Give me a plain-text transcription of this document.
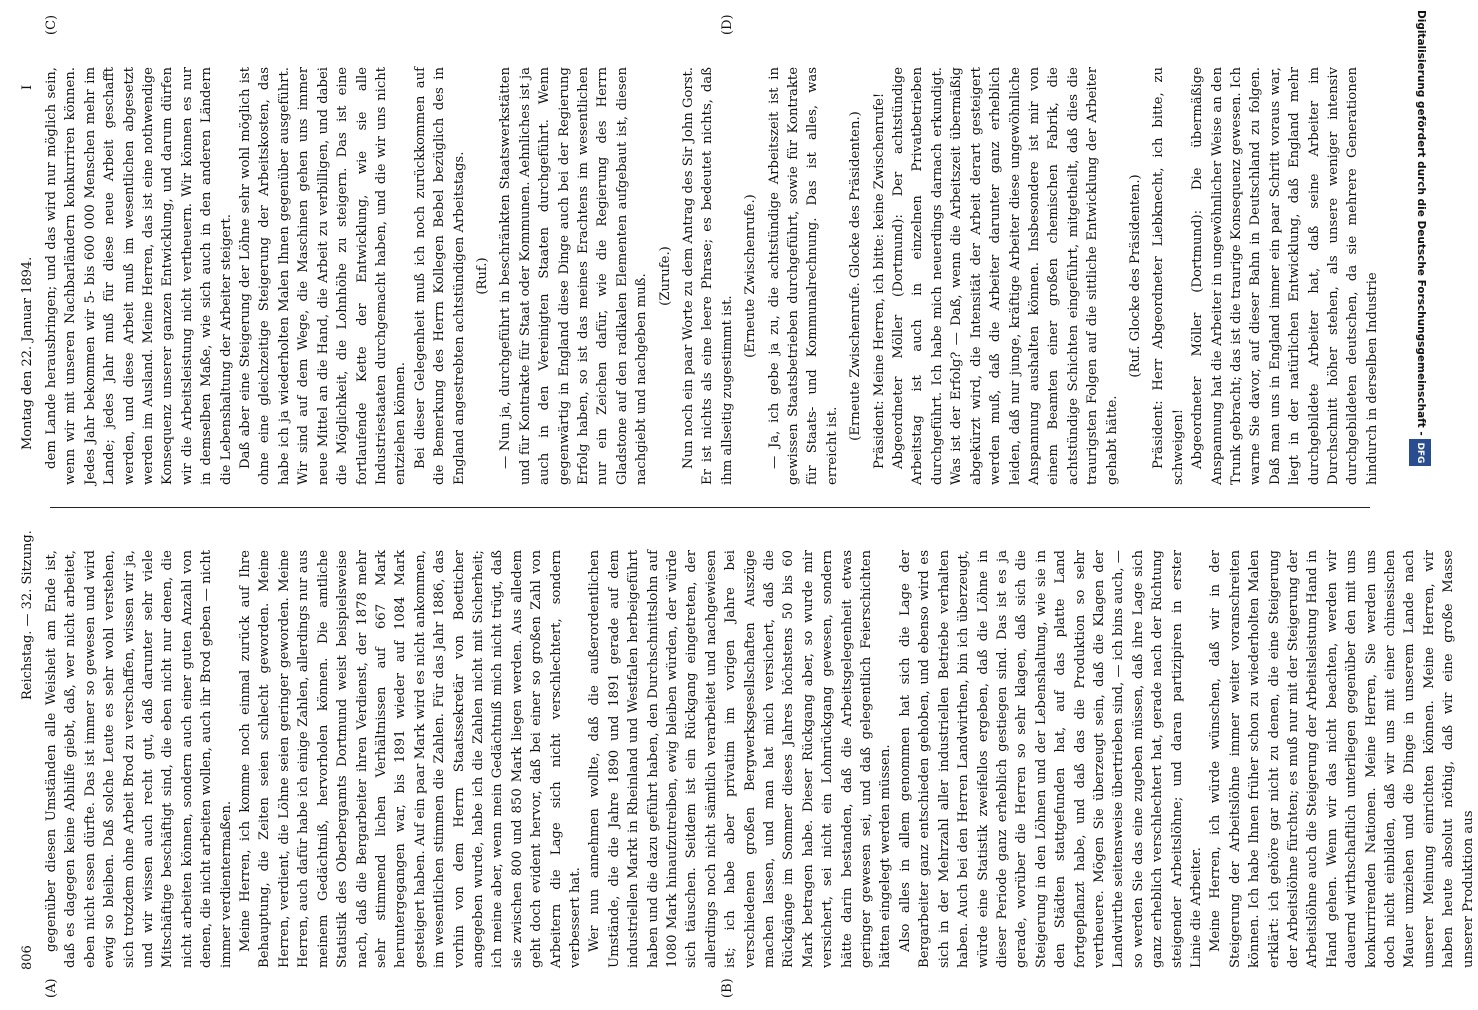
806
Reichstag. — 32. Sitzung.
Montag den 22. Januar 1894.
I
(A)	(B)
(C)	(D)

gegenüber diesen Umständen alle Weisheit am Ende ist, daß es dagegen keine Abhilfe giebt, daß, wer nicht arbeitet, eben nicht essen dürfte. Das ist immer so gewesen und wird ewig so bleiben. Daß solche Leute es sehr wohl verstehen, sich trotzdem ohne Arbeit Brod zu verschaffen, wissen wir ja, und wir wissen auch recht gut, daß darunter sehr viele Mitschäftige beschäftigt sind, die eben nicht nur denen, die nicht arbeiten können, sondern auch einer guten Anzahl von denen, die nicht arbeiten wollen, auch ihr Brod geben — nicht immer verdientermaßen. Meine Herren, ich komme noch einmal zurück auf Ihre Behauptung, die Zeiten seien schlecht geworden. Meine Herren, verdient, die Löhne seien geringer geworden. Meine Herren, auch dafür habe ich einige Zahlen, allerdings nur aus meinem Gedächtniß, hervorholen können. Die amtliche Statistik des Oberbergamts Dortmund weist beispielsweise nach, daß die Bergarbeiter ihren Verdienst, der 1878 mehr sehr stimmend lichen Verhältnissen auf 667 Mark heruntergegangen war, bis 1891 wieder auf 1084 Mark gesteigert haben. Auf ein paar Mark wird es nicht ankommen, im wesentlichen stimmen die Zahlen. Für das Jahr 1886, das vorhin von dem Herrn Staatssekretär von Boetticher angegeben wurde, habe ich die Zahlen nicht mit Sicherheit; ich meine aber, wenn mein Gedächtniß mich nicht trügt, daß sie zwischen 800 und 850 Mark liegen werden. Aus alledem geht doch evident hervor, daß bei einer so großen Zahl von Arbeitern die Lage sich nicht verschlechtert, sondern verbessert hat. Wer nun annehmen wollte, daß die außerordentlichen Umstände, die die Jahre 1890 und 1891 gerade auf dem industriellen Markt in Rheinland und Westfalen herbeigeführt haben und die dazu geführt haben, den Durchschnittslohn auf 1080 Mark hinaufzutreiben, ewig bleiben würden, der würde sich täuschen. Seitdem ist ein Rückgang eingetreten, der allerdings noch nicht sämtlich verarbeitet und nachgewiesen ist; ich habe aber privatim im vorigen Jahre bei verschiedenen großen Bergwerksgesellschaften Auszüge machen lassen, und man hat mich versichert, daß die Rückgänge im Sommer dieses Jahres höchstens 50 bis 60 Mark betragen habe. Dieser Rückgang aber, so wurde mir versichert, sei nicht ein Lohnrückgang gewesen, sondern hätte darin bestanden, daß die Arbeitsgelegenheit etwas geringer gewesen sei, und daß gelegentlich Feierschichten hätten eingelegt werden müssen. Also alles in allem genommen hat sich die Lage der Bergarbeiter ganz entschieden gehoben, und ebenso wird es sich in der Mehrzahl aller industriellen Betriebe verhalten haben. Auch bei den Herren Landwirthen, bin ich überzeugt, würde eine Statistik zweifellos ergeben, daß die Löhne in dieser Periode ganz erheblich gestiegen sind. Das ist es ja gerade, worüber die Herren so sehr klagen, daß sich die Steigerung in den Löhnen und der Lebenshaltung, wie sie in den Städten stattgefunden hat, auf das platte Land fortgepflanzt habe, und daß das die Produktion so sehr vertheuere. Mögen Sie überzeugt sein, daß die Klagen der Landwirthe seitensweise übertrieben sind, — ich bins auch, — so werden Sie das eine zugeben müssen, daß ihre Lage sich ganz erheblich verschlechtert hat, gerade nach der Richtung steigender Arbeitslöhne; und daran partizipiren in erster Linie die Arbeiter. Meine Herren, ich würde wünschen, daß wir in der Steigerung der Arbeitslöhne immer weiter voranschreiten können. Ich habe Ihnen früher schon zu wiederholten Malen erklärt: ich gehöre gar nicht zu denen, die eine Steigerung der Arbeitslöhne fürchten; es muß nur mit der Steigerung der Arbeitslöhne auch die Steigerung der Arbeitsleistung Hand in Hand gehen. Wenn wir das nicht beachten, werden wir dauernd wirthschaftlich unterliegen gegenüber den mit uns konkurrirenden Nationen. Meine Herren, Sie werden uns doch nicht einbilden, daß wir uns mit einer chinesischen Mauer umziehen und die Dinge in unserem Lande nach unserer Meinung einrichten können. Meine Herren, wir haben heute absolut nöthig, daß wir eine große Masse unserer Produktion aus

dem Lande herausbringen; und das wird nur möglich sein, wenn wir mit unseren Nachbarländern konkurriren können. Jedes Jahr bekommen wir 5- bis 600 000 Menschen mehr im Lande; jedes Jahr muß für diese neue Arbeit geschafft werden, und diese Arbeit muß im wesentlichen abgesetzt werden im Ausland. Meine Herren, das ist eine nothwendige Konsequenz unserer ganzen Entwicklung, und darum dürfen wir die Arbeitsleistung nicht vertheuern. Wir können es nur in demselben Maße, wie sich auch in den anderen Ländern die Lebenshaltung der Arbeiter steigert. Daß aber eine Steigerung der Löhne sehr wohl möglich ist ohne eine gleichzeitige Steigerung der Arbeitskosten, das habe ich ja wiederholten Malen Ihnen gegenüber ausgeführt. Wir sind auf dem Wege, die Maschinen gehen uns immer neue Mittel an die Hand, die Arbeit zu verbilligen, und dabei die Möglichkeit, die Lohnhöhe zu steigern. Das ist eine fortlaufende Kette der Entwicklung, wie sie alle Industriestaaten durchgemacht haben, und die wir uns nicht entziehen können. Bei dieser Gelegenheit muß ich noch zurückkommen auf die Bemerkung des Herrn Kollegen Bebel bezüglich des in England angestrebten achtstündigen Arbeitstags. (Ruf.) — Nun ja, durchgeführt in beschränkten Staatswerkstätten und für Kontrakte für Staat oder Kommunen. Aehnliches ist ja auch in den Vereinigten Staaten durchgeführt. Wenn gegenwärtig in England diese Dinge auch bei der Regierung Erfolg haben, so ist das meines Erachtens im wesentlichen nur ein Zeichen dafür, wie die Regierung des Herrn Gladstone auf den radikalen Elementen aufgebaut ist, diesen nachgiebt und nachgeben muß. (Zurufe.) Nun noch ein paar Worte zu dem Antrag des Sir John Gorst. Er ist nichts als eine leere Phrase; es bedeutet nichts, daß ihm allseitig zugestimmt ist.

(Erneute Zwischenrufe.) — Ja, ich gebe ja zu, die achtstündige Arbeitszeit ist in gewissen Staatsbetrieben durchgeführt, sowie für Kontrakte für Staats- und Kommunalrechnung. Das ist alles, was erreicht ist.

(Erneute Zwischenrufe. Glocke des Präsidenten.) Präsident: Meine Herren, ich bitte: keine Zwischenrufe! Abgeordneter Möller (Dortmund): Der achtstündige Arbeitstag ist auch in einzelnen Privatbetrieben durchgeführt. Ich habe mich neuerdings darnach erkundigt. Was ist der Erfolg? — Daß, wenn die Arbeitszeit übermäßig abgekürzt wird, die Intensität der Arbeit derart gesteigert werden muß, daß die Arbeiter darunter ganz erheblich leiden, daß nur junge, kräftige Arbeiter diese ungewöhnliche Anspannung aushalten können. Insbesondere ist mir von einem Beamten einer großen chemischen Fabrik, die achtstündige Schichten eingeführt, mitgetheilt, daß dies die traurigsten Folgen auf die sittliche Entwicklung der Arbeiter gehabt hätte.

(Ruf. Glocke des Präsidenten.) Präsident: Herr Abgeordneter Liebknecht, ich bitte, zu schweigen! Abgeordneter Möller (Dortmund): Die übermäßige Anspannung hat die Arbeiter in ungewöhnlicher Weise an den Trunk gebracht; das ist die traurige Konsequenz gewesen. Ich warne Sie davor, auf dieser Bahn in Deutschland zu folgen. Daß man uns in England immer ein paar Schritt voraus war, liegt in der natürlichen Entwicklung, daß England mehr durchgebildete Arbeiter hat, daß seine Arbeiter im Durchschnitt höher stehen, als unsere weniger intensiv durchgebildeten deutschen, da sie mehrere Generationen hindurch in derselben Industrie	Digitalisierung gefördert durch die Deutsche Forschungsgemeinschaft - DFG
